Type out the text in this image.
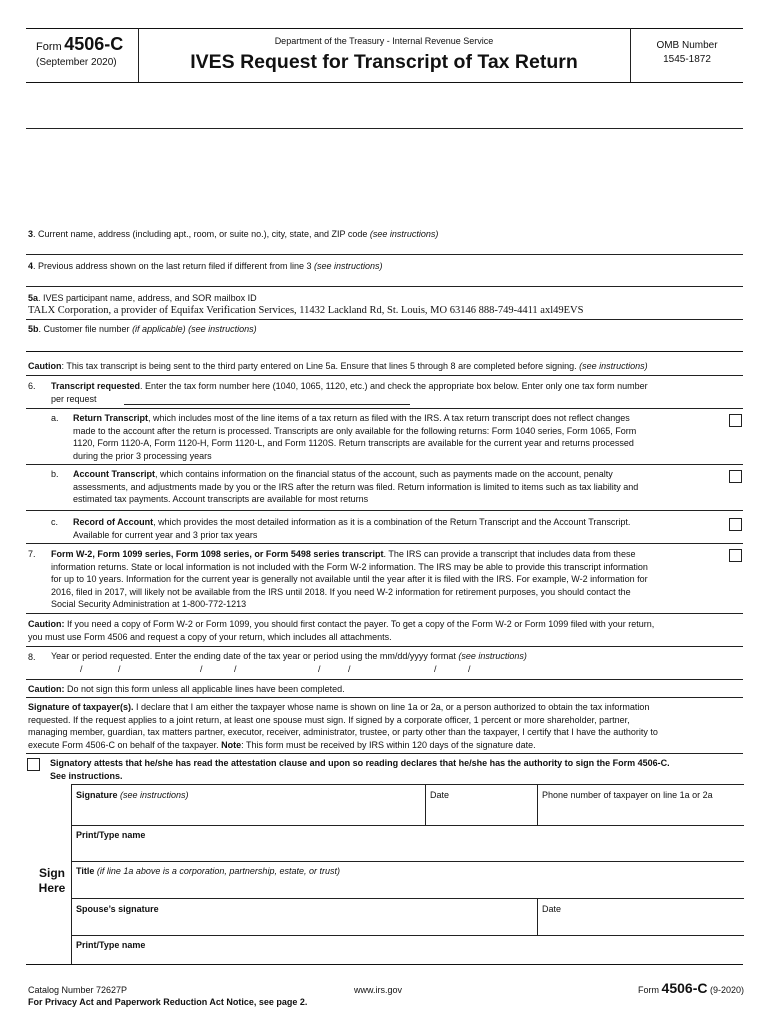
Form 4506-C
(September 2020)
Department of the Treasury - Internal Revenue Service
IVES Request for Transcript of Tax Return
OMB Number
1545-1872
3. Current name, address (including apt., room, or suite no.), city, state, and ZIP code (see instructions)
4. Previous address shown on the last return filed if different from line 3 (see instructions)
5a. IVES participant name, address, and SOR mailbox ID
TALX Corporation, a provider of Equifax Verification Services, 11432 Lackland Rd, St. Louis, MO 63146 888-749-4411 axl49EVS
5b. Customer file number (if applicable) (see instructions)
Caution: This tax transcript is being sent to the third party entered on Line 5a. Ensure that lines 5 through 8 are completed before signing. (see instructions)
6. Transcript requested. Enter the tax form number here (1040, 1065, 1120, etc.) and check the appropriate box below. Enter only one tax form number
per request
a. Return Transcript, which includes most of the line items of a tax return as filed with the IRS. A tax return transcript does not reflect changes
made to the account after the return is processed. Transcripts are only available for the following returns: Form 1040 series, Form 1065, Form
1120, Form 1120-A, Form 1120-H, Form 1120-L, and Form 1120S. Return transcripts are available for the current year and returns processed
during the prior 3 processing years
b. Account Transcript, which contains information on the financial status of the account, such as payments made on the account, penalty
assessments, and adjustments made by you or the IRS after the return was filed. Return information is limited to items such as tax liability and
estimated tax payments. Account transcripts are available for most returns
c. Record of Account, which provides the most detailed information as it is a combination of the Return Transcript and the Account Transcript.
Available for current year and 3 prior tax years
7. Form W-2, Form 1099 series, Form 1098 series, or Form 5498 series transcript. The IRS can provide a transcript that includes data from these
information returns. State or local information is not included with the Form W-2 information. The IRS may be able to provide this transcript information
for up to 10 years. Information for the current year is generally not available until the year after it is filed with the IRS. For example, W-2 information for
2016, filed in 2017, will likely not be available from the IRS until 2018. If you need W-2 information for retirement purposes, you should contact the
Social Security Administration at 1-800-772-1213
Caution: If you need a copy of Form W-2 or Form 1099, you should first contact the payer. To get a copy of the Form W-2 or Form 1099 filed with your return,
you must use Form 4506 and request a copy of your return, which includes all attachments.
8. Year or period requested. Enter the ending date of the tax year or period using the mm/dd/yyyy format (see instructions)
/	/	/	/	/	/	/	/
Caution: Do not sign this form unless all applicable lines have been completed.
Signature of taxpayer(s). I declare that I am either the taxpayer whose name is shown on line 1a or 2a, or a person authorized to obtain the tax information
requested. If the request applies to a joint return, at least one spouse must sign. If signed by a corporate officer, 1 percent or more shareholder, partner,
managing member, guardian, tax matters partner, executor, receiver, administrator, trustee, or party other than the taxpayer, I certify that I have the authority to
execute Form 4506-C on behalf of the taxpayer. Note: This form must be received by IRS within 120 days of the signature date.
Signatory attests that he/she has read the attestation clause and upon so reading declares that he/she has the authority to sign the Form 4506-C.
See instructions.
Sign
Here
Signature (see instructions)	Date	Phone number of taxpayer on line 1a or 2a
Print/Type name
Title (if line 1a above is a corporation, partnership, estate, or trust)
Spouse’s signature	Date
Print/Type name
Catalog Number 72627P	www.irs.gov	Form 4506-C (9-2020)
For Privacy Act and Paperwork Reduction Act Notice, see page 2.
